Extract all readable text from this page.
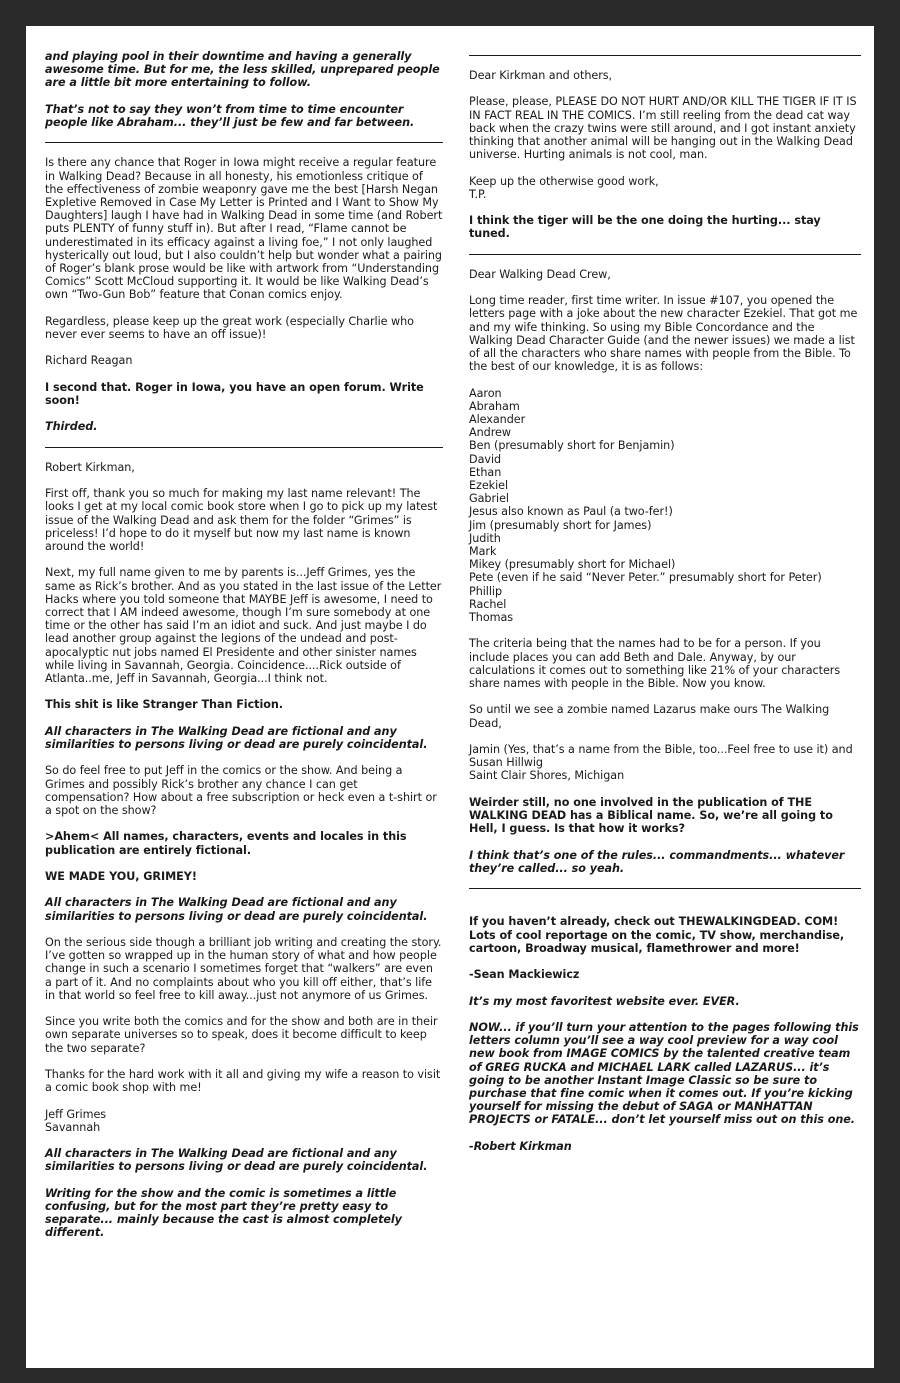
and playing pool in their downtime and having a generally awesome time. But for me, the less skilled, unprepared people are a little bit more entertaining to follow.
That’s not to say they won’t from time to time encounter people like Abraham... they’ll just be few and far between.
Is there any chance that Roger in Iowa might receive a regular feature in Walking Dead? Because in all honesty, his emotionless critique of the effectiveness of zombie weaponry gave me the best [Harsh Negan Expletive Removed in Case My Letter is Printed and I Want to Show My Daughters] laugh I have had in Walking Dead in some time (and Robert puts PLENTY of funny stuff in). But after I read, “Flame cannot be underestimated in its efficacy against a living foe,” I not only laughed hysterically out loud, but I also couldn’t help but wonder what a pairing of Roger’s blank prose would be like with artwork from “Understanding Comics” Scott McCloud supporting it. It would be like Walking Dead’s own “Two-Gun Bob” feature that Conan comics enjoy.
Regardless, please keep up the great work (especially Charlie who never ever seems to have an off issue)!
Richard Reagan
I second that. Roger in Iowa, you have an open forum. Write soon!
Thirded.
Robert Kirkman,
First off, thank you so much for making my last name relevant! The looks I get at my local comic book store when I go to pick up my latest issue of the Walking Dead and ask them for the folder “Grimes” is priceless! I’d hope to do it myself but now my last name is known around the world!
Next, my full name given to me by parents is...Jeff Grimes, yes the same as Rick’s brother. And as you stated in the last issue of the Letter Hacks where you told someone that MAYBE Jeff is awesome, I need to correct that I AM indeed awesome, though I’m sure somebody at one time or the other has said I’m an idiot and suck. And just maybe I do lead another group against the legions of the undead and post-apocalyptic nut jobs named El Presidente and other sinister names while living in Savannah, Georgia. Coincidence....Rick outside of Atlanta..me, Jeff in Savannah, Georgia...I think not.
This shit is like Stranger Than Fiction.
All characters in The Walking Dead are fictional and any similarities to persons living or dead are purely coincidental.
So do feel free to put Jeff in the comics or the show. And being a Grimes and possibly Rick’s brother any chance I can get compensation? How about a free subscription or heck even a t-shirt or a spot on the show?
>Ahem< All names, characters, events and locales in this publication are entirely fictional.
WE MADE YOU, GRIMEY!
All characters in The Walking Dead are fictional and any similarities to persons living or dead are purely coincidental.
On the serious side though a brilliant job writing and creating the story. I’ve gotten so wrapped up in the human story of what and how people change in such a scenario I sometimes forget that “walkers” are even a part of it. And no complaints about who you kill off either, that’s life in that world so feel free to kill away...just not anymore of us Grimes.
Since you write both the comics and for the show and both are in their own separate universes so to speak, does it become difficult to keep the two separate?
Thanks for the hard work with it all and giving my wife a reason to visit a comic book shop with me!
Jeff Grimes
Savannah
All characters in The Walking Dead are fictional and any similarities to persons living or dead are purely coincidental.
Writing for the show and the comic is sometimes a little confusing, but for the most part they’re pretty easy to separate... mainly because the cast is almost completely different.
Dear Kirkman and others,
Please, please, PLEASE DO NOT HURT AND/OR KILL THE TIGER IF IT IS IN FACT REAL IN THE COMICS. I’m still reeling from the dead cat way back when the crazy twins were still around, and I got instant anxiety thinking that another animal will be hanging out in the Walking Dead universe. Hurting animals is not cool, man.
Keep up the otherwise good work,
T.P.
I think the tiger will be the one doing the hurting... stay tuned.
Dear Walking Dead Crew,
Long time reader, first time writer. In issue #107, you opened the letters page with a joke about the new character Ezekiel. That got me and my wife thinking. So using my Bible Concordance and the Walking Dead Character Guide (and the newer issues) we made a list of all the characters who share names with people from the Bible. To the best of our knowledge, it is as follows:
Aaron
Abraham
Alexander
Andrew
Ben (presumably short for Benjamin)
David
Ethan
Ezekiel
Gabriel
Jesus also known as Paul (a two-fer!)
Jim (presumably short for James)
Judith
Mark
Mikey (presumably short for Michael)
Pete (even if he said “Never Peter.” presumably short for Peter)
Phillip
Rachel
Thomas
The criteria being that the names had to be for a person. If you include places you can add Beth and Dale. Anyway, by our calculations it comes out to something like 21% of your characters share names with people in the Bible. Now you know.
So until we see a zombie named Lazarus make ours The Walking Dead,
Jamin (Yes, that’s a name from the Bible, too...Feel free to use it) and Susan Hillwig
Saint Clair Shores, Michigan
Weirder still, no one involved in the publication of THE WALKING DEAD has a Biblical name. So, we’re all going to Hell, I guess. Is that how it works?
I think that’s one of the rules... commandments... whatever they’re called... so yeah.
If you haven’t already, check out THEWALKINGDEAD. COM! Lots of cool reportage on the comic, TV show, merchandise, cartoon, Broadway musical, flamethrower and more!
-Sean Mackiewicz
It’s my most favoritest website ever. EVER.
NOW... if you’ll turn your attention to the pages following this letters column you’ll see a way cool preview for a way cool new book from IMAGE COMICS by the talented creative team of GREG RUCKA and MICHAEL LARK called LAZARUS... it’s going to be another Instant Image Classic so be sure to purchase that fine comic when it comes out. If you’re kicking yourself for missing the debut of SAGA or MANHATTAN PROJECTS or FATALE... don’t let yourself miss out on this one.
-Robert Kirkman
